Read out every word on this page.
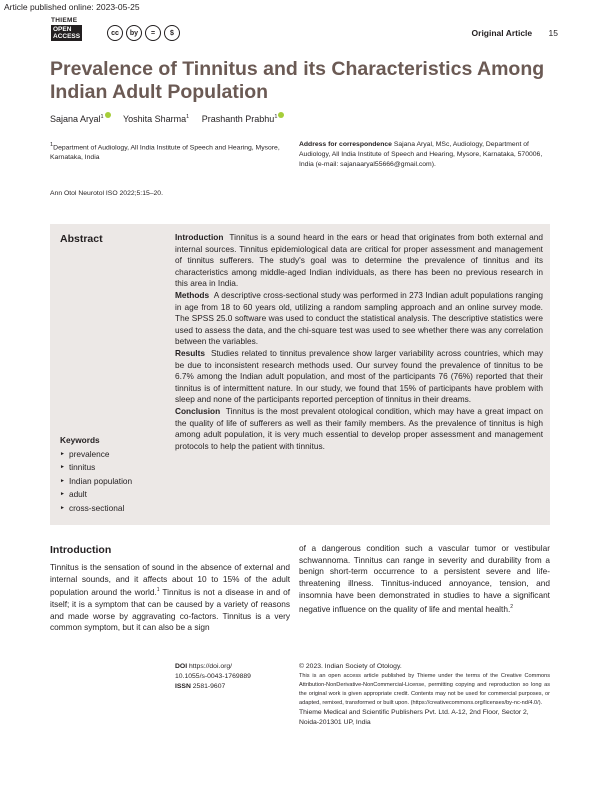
Article published online: 2023-05-25
THIEME
OPEN
ACCESS	cc	by	=	$	Original Article 15
Prevalence of Tinnitus and its Characteristics Among Indian Adult Population
Sajana Aryal$^1$ Yoshita Sharma$^1$ Prashanth Prabhu$^1$
$^1$Department of Audiology, All India Institute of Speech and Hearing, Mysore, Karnataka, India
Address for correspondence Sajana Aryal, MSc, Audiology, Department of Audiology, All India Institute of Speech and Hearing, Mysore, Karnataka, 570006, India (e-mail: sajanaaryal55666@gmail.com).
Ann Otol Neurotol ISO 2022;5:15–20.
Abstract	Introduction Tinnitus is a sound heard in the ears or head that originates from both external and internal sources. Tinnitus epidemiological data are critical for proper assessment and management of tinnitus sufferers. The study's goal was to determine the prevalence of tinnitus and its characteristics among middle-aged Indian individuals, as there has been no previous research in this area in India.

Methods A descriptive cross-sectional study was performed in 273 Indian adult populations ranging in age from 18 to 60 years old, utilizing a random sampling approach and an online survey mode. The SPSS 25.0 software was used to conduct the statistical analysis. The descriptive statistics were used to assess the data, and the chi-square test was used to see whether there was any correlation between the variables.

Results Studies related to tinnitus prevalence show larger variability across countries, which may be due to inconsistent research methods used. Our survey found the prevalence of tinnitus to be 6.7% among the Indian adult population, and most of the participants 76 (76%) reported that their tinnitus is of intermittent nature. In our study, we found that 15% of participants have problem with sleep and none of the participants reported perception of tinnitus in their dreams.

Conclusion Tinnitus is the most prevalent otological condition, which may have a great impact on the quality of life of sufferers as well as their family members. As the prevalence of tinnitus is high among adult population, it is very much essential to develop proper assessment and management protocols to help the patient with tinnitus.

Keywords
► prevalence
► tinnitus
► Indian population
► adult
► cross-sectional
Introduction
Tinnitus is the sensation of sound in the absence of external and internal sounds, and it affects about 10 to 15% of the adult population around the world.$^1$ Tinnitus is not a disease in and of itself; it is a symptom that can be caused by a variety of reasons and made worse by aggravating co-factors. Tinnitus is a very common symptom, but it can also be a sign
of a dangerous condition such a vascular tumor or vestibular schwannoma. Tinnitus can range in severity and durability from a benign short-term occurrence to a persistent severe and life-threatening illness. Tinnitus-induced annoyance, tension, and insomnia have been demonstrated in studies to have a significant negative influence on the quality of life and mental health.$^2$
DOI https://doi.org/
10.1055/s-0043-1769889
ISSN 2581-9607
© 2023. Indian Society of Otology.
This is an open access article published by Thieme under the terms of the Creative Commons Attribution-NonDerivative-NonCommercial-License, permitting copying and reproduction so long as the original work is given appropriate credit. Contents may not be used for commercial purposes, or adapted, remixed, transformed or built upon. (https://creativecommons.org/licenses/by-nc-nd/4.0/).
Thieme Medical and Scientific Publishers Pvt. Ltd. A-12, 2nd Floor, Sector 2, Noida-201301 UP, India
